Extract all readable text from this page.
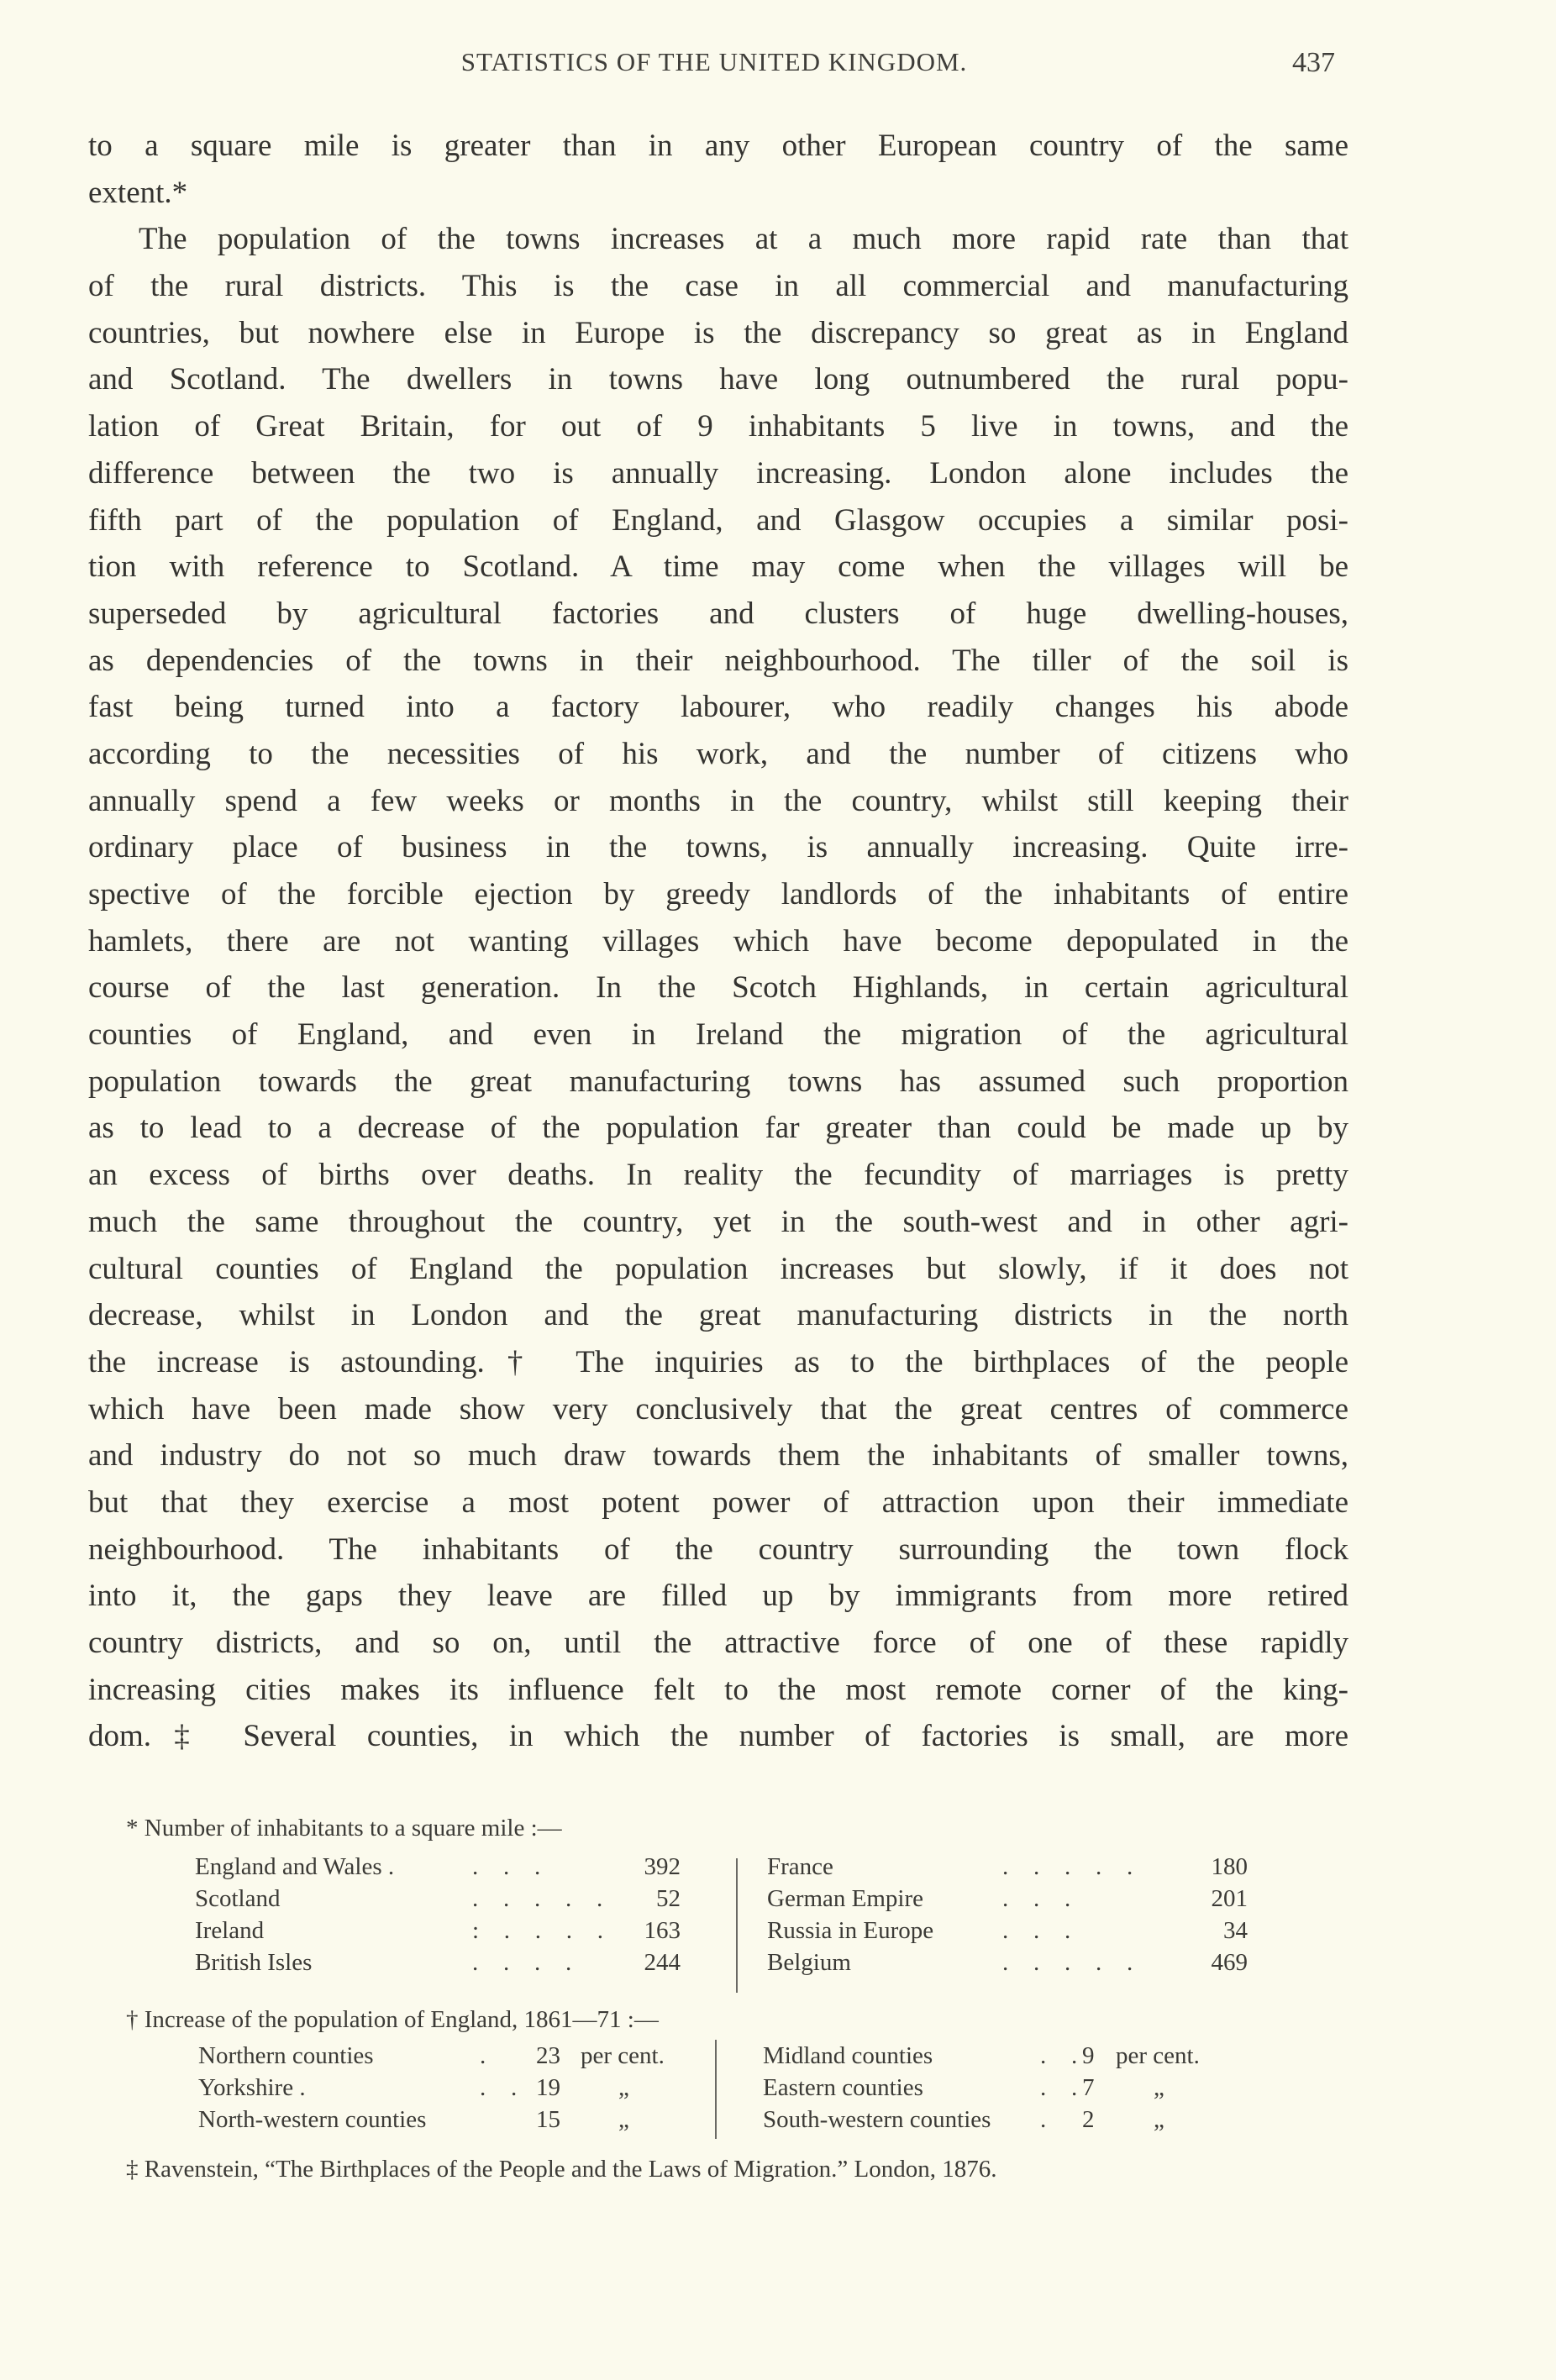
STATISTICS OF THE UNITED KINGDOM.	437
to a square mile is greater than in any other European country of the same
extent.*
The population of the towns increases at a much more rapid rate than that
of the rural districts. This is the case in all commercial and manufacturing
countries, but nowhere else in Europe is the discrepancy so great as in England
and Scotland. The dwellers in towns have long outnumbered the rural popu-
lation of Great Britain, for out of 9 inhabitants 5 live in towns, and the
difference between the two is annually increasing. London alone includes the
fifth part of the population of England, and Glasgow occupies a similar posi-
tion with reference to Scotland. A time may come when the villages will be
superseded by agricultural factories and clusters of huge dwelling-houses,
as dependencies of the towns in their neighbourhood. The tiller of the soil is
fast being turned into a factory labourer, who readily changes his abode
according to the necessities of his work, and the number of citizens who
annually spend a few weeks or months in the country, whilst still keeping their
ordinary place of business in the towns, is annually increasing. Quite irre-
spective of the forcible ejection by greedy landlords of the inhabitants of entire
hamlets, there are not wanting villages which have become depopulated in the
course of the last generation. In the Scotch Highlands, in certain agricultural
counties of England, and even in Ireland the migration of the agricultural
population towards the great manufacturing towns has assumed such proportion
as to lead to a decrease of the population far greater than could be made up by
an excess of births over deaths. In reality the fecundity of marriages is pretty
much the same throughout the country, yet in the south-west and in other agri-
cultural counties of England the population increases but slowly, if it does not
decrease, whilst in London and the great manufacturing districts in the north
the increase is astounding.† The inquiries as to the birthplaces of the people
which have been made show very conclusively that the great centres of commerce
and industry do not so much draw towards them the inhabitants of smaller towns,
but that they exercise a most potent power of attraction upon their immediate
neighbourhood. The inhabitants of the country surrounding the town flock
into it, the gaps they leave are filled up by immigrants from more retired
country districts, and so on, until the attractive force of one of these rapidly
increasing cities makes its influence felt to the most remote corner of the king-
dom.‡ Several counties, in which the number of factories is small, are more
* Number of inhabitants to a square mile :—
England and Wales .	.   .   .	392
Scotland	.   .   .   .   . 52
Ireland	:   .   .   .   . 163
British Isles	.   .   .   .	244
France	.   .   .   .   .	180
German Empire	.   .   .	201
Russia in Europe	.   .   .	34
Belgium	.   .   .   .   .	469
† Increase of the population of England, 1861—71 :—
Northern counties	. 23 per cent.
Yorkshire .	.   . 19 „
North-western counties	15 „
Midland counties	.   . 9 per cent.
Eastern counties	.   . 7 „
South-western counties . 2 „
‡ Ravenstein, “The Birthplaces of the People and the Laws of Migration.” London, 1876.
